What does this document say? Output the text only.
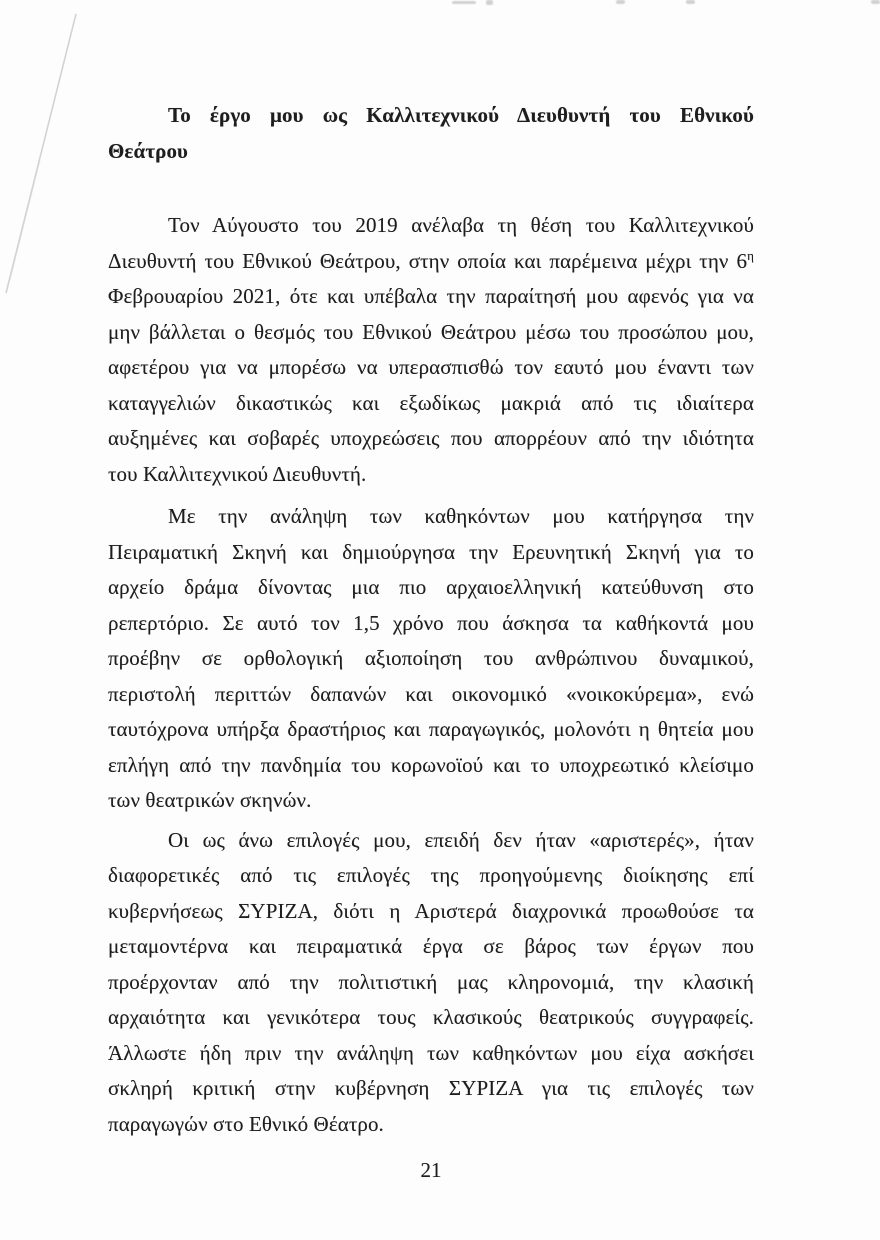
Το έργο μου ως Καλλιτεχνικού Διευθυντή του Εθνικού
Θεάτρου
Τον Αύγουστο του 2019 ανέλαβα τη θέση του Καλλιτεχνικού
Διευθυντή του Εθνικού Θεάτρου, στην οποία και παρέμεινα μέχρι την $6^\eta$
Φεβρουαρίου 2021, ότε και υπέβαλα την παραίτησή μου αφενός για να
μην βάλλεται ο θεσμός του Εθνικού Θεάτρου μέσω του προσώπου μου,
αφετέρου για να μπορέσω να υπερασπισθώ τον εαυτό μου έναντι των
καταγγελιών δικαστικώς και εξωδίκως μακριά από τις ιδιαίτερα
αυξημένες και σοβαρές υποχρεώσεις που απορρέουν από την ιδιότητα
του Καλλιτεχνικού Διευθυντή.
Με την ανάληψη των καθηκόντων μου κατήργησα την
Πειραματική Σκηνή και δημιούργησα την Ερευνητική Σκηνή για το
αρχείο δράμα δίνοντας μια πιο αρχαιοελληνική κατεύθυνση στο
ρεπερτόριο. Σε αυτό τον 1,5 χρόνο που άσκησα τα καθήκοντά μου
προέβην σε ορθολογική αξιοποίηση του ανθρώπινου δυναμικού,
περιστολή περιττών δαπανών και οικονομικό «νοικοκύρεμα», ενώ
ταυτόχρονα υπήρξα δραστήριος και παραγωγικός, μολονότι η θητεία μου
επλήγη από την πανδημία του κορωνοϊού και το υποχρεωτικό κλείσιμο
των θεατρικών σκηνών.
Οι ως άνω επιλογές μου, επειδή δεν ήταν «αριστερές», ήταν
διαφορετικές από τις επιλογές της προηγούμενης διοίκησης επί
κυβερνήσεως ΣΥΡΙΖΑ, διότι η Αριστερά διαχρονικά προωθούσε τα
μεταμοντέρνα και πειραματικά έργα σε βάρος των έργων που
προέρχονταν από την πολιτιστική μας κληρονομιά, την κλασική
αρχαιότητα και γενικότερα τους κλασικούς θεατρικούς συγγραφείς.
Άλλωστε ήδη πριν την ανάληψη των καθηκόντων μου είχα ασκήσει
σκληρή κριτική στην κυβέρνηση ΣΥΡΙΖΑ για τις επιλογές των
παραγωγών στο Εθνικό Θέατρο.
21
